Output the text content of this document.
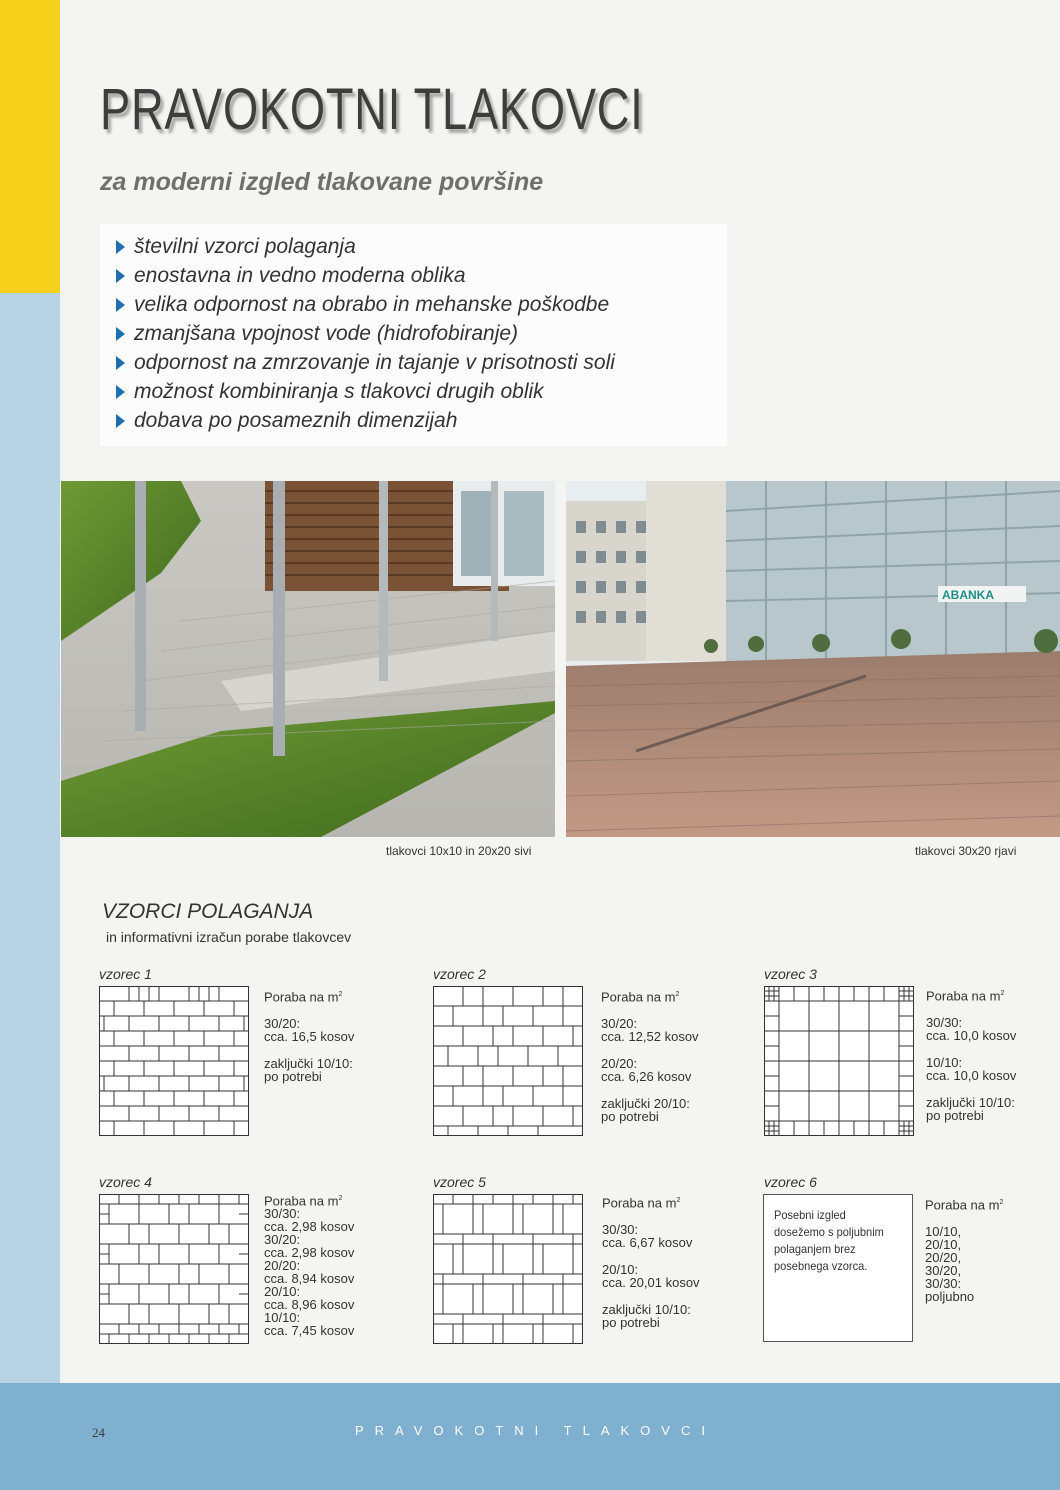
PRAVOKOTNI TLAKOVCI
za moderni izgled tlakovane površine
številni vzorci polaganja
enostavna in vedno moderna oblika
velika odpornost na obrabo in mehanske poškodbe
zmanjšana vpojnost vode (hidrofobiranje)
odpornost na zmrzovanje in tajanje v prisotnosti soli
možnost kombiniranja s tlakovci drugih oblik
dobava po posameznih dimenzijah
ABANKA
tlakovci 10x10 in 20x20 sivi	tlakovci 30x20 rjavi
VZORCI POLAGANJA
in informativni izračun porabe tlakovcev
vzorec 1
Poraba na $m^2$
30/20:
cca. 16,5 kosov
zaključki 10/10:
po potrebi
vzorec 2
Poraba na $m^2$
30/20:
cca. 12,52 kosov
20/20:
cca. 6,26 kosov
zaključki 20/10:
po potrebi
vzorec 3
Poraba na $m^2$
30/30:
cca. 10,0 kosov
10/10:
cca. 10,0 kosov
zaključki 10/10:
po potrebi
vzorec 4
Poraba na $m^2$
30/30:
cca. 2,98 kosov
30/20:
cca. 2,98 kosov
20/20:
cca. 8,94 kosov
20/10:
cca. 8,96 kosov
10/10:
cca. 7,45 kosov
vzorec 5
Poraba na $m^2$
30/30:
cca. 6,67 kosov
20/10:
cca. 20,01 kosov
zaključki 10/10:
po potrebi
vzorec 6
Posebni izgled
dosežemo s poljubnim
polaganjem brez
posebnega vzorca.
Poraba na $m^2$
10/10,
20/10,
20/20,
30/20,
30/30:
poljubno
24	PRAVOKOTNI TLAKOVCI
